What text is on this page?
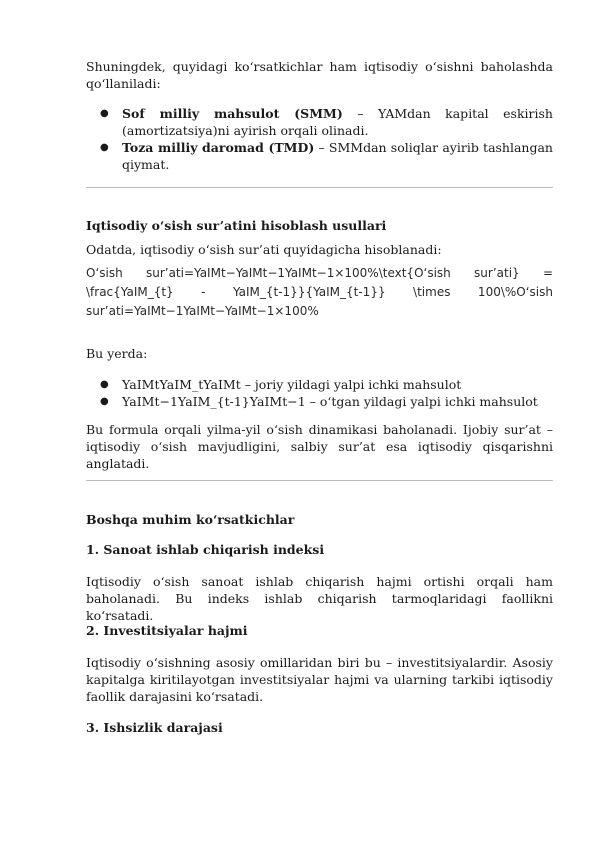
Shuningdek, quyidagi ko‘rsatkichlar ham iqtisodiy o‘sishni baholashda qo‘llaniladi:

● Sof milliy mahsulot (SMM) – YAMdan kapital eskirish (amortizatsiya)ni ayirish orqali olinadi.
● Toza milliy daromad (TMD) – SMMdan soliqlar ayirib tashlangan qiymat.
Iqtisodiy o‘sish sur’atini hisoblash usullari

Odatda, iqtisodiy o‘sish sur’ati quyidagicha hisoblanadi:

O‘sish sur’ati=YaIMt−YaIMt−1YaIMt−1×100%\text{O‘sish sur’ati} = \frac{YaIM_{t} - YaIM_{t-1}}{YaIM_{t-1}} \times 100\%O‘sish sur’ati=YaIMt−1YaIMt−YaIMt−1×100%

Bu yerda:

● YaIMtYaIM_tYaIMt – joriy yildagi yalpi ichki mahsulot
● YaIMt−1YaIM_{t-1}YaIMt−1 – o‘tgan yildagi yalpi ichki mahsulot

Bu formula orqali yilma-yil o‘sish dinamikasi baholanadi. Ijobiy sur’at – iqtisodiy o‘sish mavjudligini, salbiy sur’at esa iqtisodiy qisqarishni anglatadi.

Boshqa muhim ko‘rsatkichlar
1. Sanoat ishlab chiqarish indeksi

Iqtisodiy o‘sish sanoat ishlab chiqarish hajmi ortishi orqali ham baholanadi. Bu indeks ishlab chiqarish tarmoqlaridagi faollikni ko‘rsatadi.

2. Investitsiyalar hajmi

Iqtisodiy o‘sishning asosiy omillaridan biri bu – investitsiyalardir. Asosiy kapitalga kiritilayotgan investitsiyalar hajmi va ularning tarkibi iqtisodiy faollik darajasini ko‘rsatadi.

3. Ishsizlik darajasi
